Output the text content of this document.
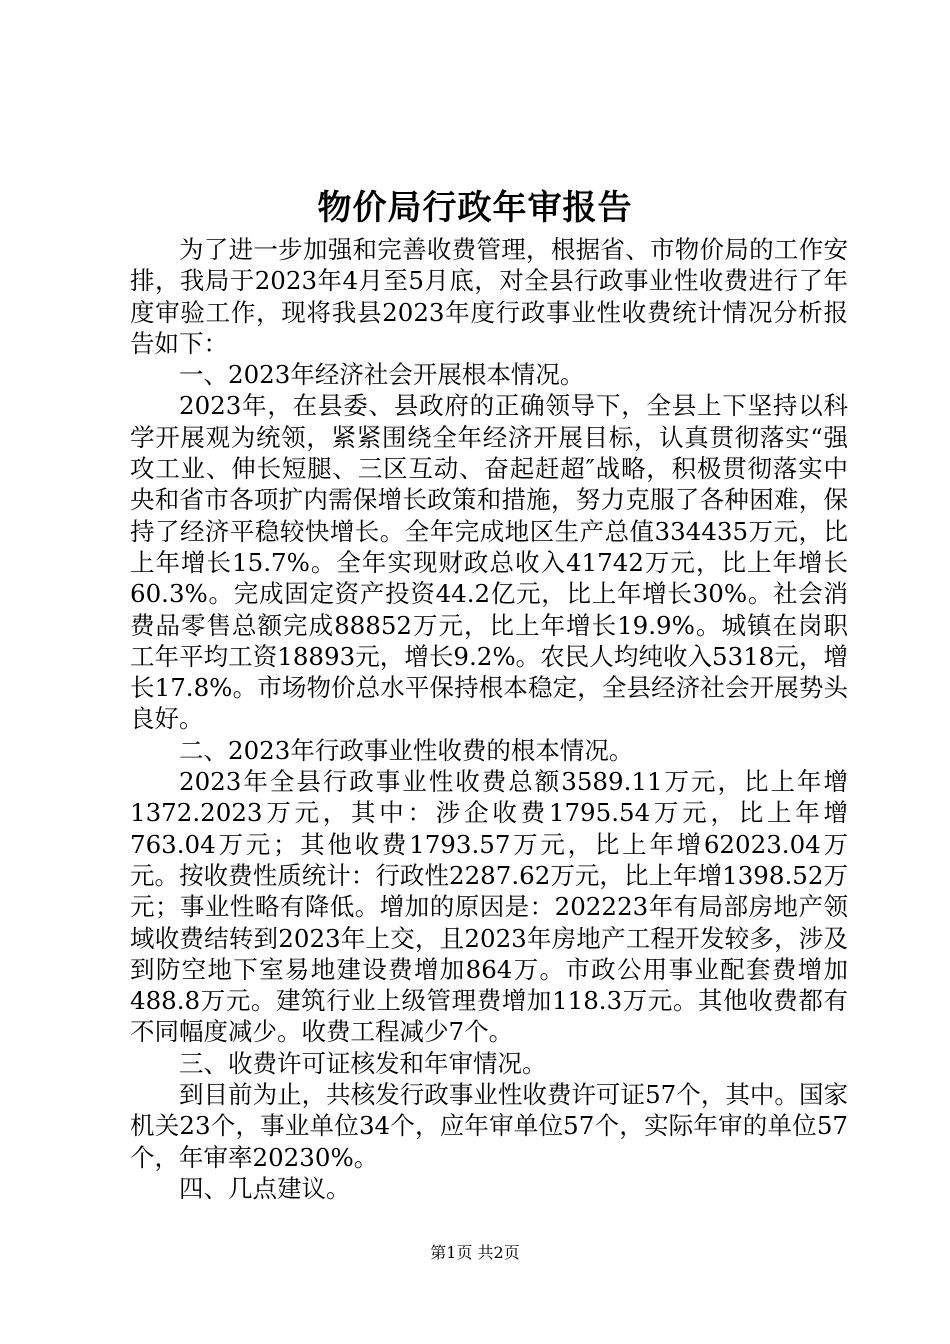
物价局行政年审报告

为了进一步加强和完善收费管理，根据省、市物价局的工作安排，我局于2023年4月至5月底，对全县行政事业性收费进行了年度审验工作，现将我县2023年度行政事业性收费统计情况分析报告如下：

一、2023年经济社会开展根本情况。

2023年，在县委、县政府的正确领导下，全县上下坚持以科学开展观为统领，紧紧围绕全年经济开展目标，认真贯彻落实“强攻工业、伸长短腿、三区互动、奋起赶超″战略，积极贯彻落实中央和省市各项扩内需保增长政策和措施，努力克服了各种困难，保持了经济平稳较快增长。全年完成地区生产总值334435万元，比上年增长15.7%。全年实现财政总收入41742万元，比上年增长60.3%。完成固定资产投资44.2亿元，比上年增长30%。社会消费品零售总额完成88852万元，比上年增长19.9%。城镇在岗职工年平均工资18893元，增长9.2%。农民人均纯收入5318元，增长17.8%。市场物价总水平保持根本稳定，全县经济社会开展势头良好。

二、2023年行政事业性收费的根本情况。

2023年全县行政事业性收费总额3589.11万元，比上年增1372.2023万元，其中：涉企收费1795.54万元，比上年增763.04万元；其他收费1793.57万元，比上年增62023.04万元。按收费性质统计：行政性2287.62万元，比上年增1398.52万元；事业性略有降低。增加的原因是：202223年有局部房地产领域收费结转到2023年上交，且2023年房地产工程开发较多，涉及到防空地下室易地建设费增加864万。市政公用事业配套费增加488.8万元。建筑行业上级管理费增加118.3万元。其他收费都有不同幅度减少。收费工程减少7个。

三、收费许可证核发和年审情况。

到目前为止，共核发行政事业性收费许可证57个，其中。国家机关23个，事业单位34个，应年审单位57个，实际年审的单位57个，年审率20230%。

四、几点建议。

第1页 共2页
